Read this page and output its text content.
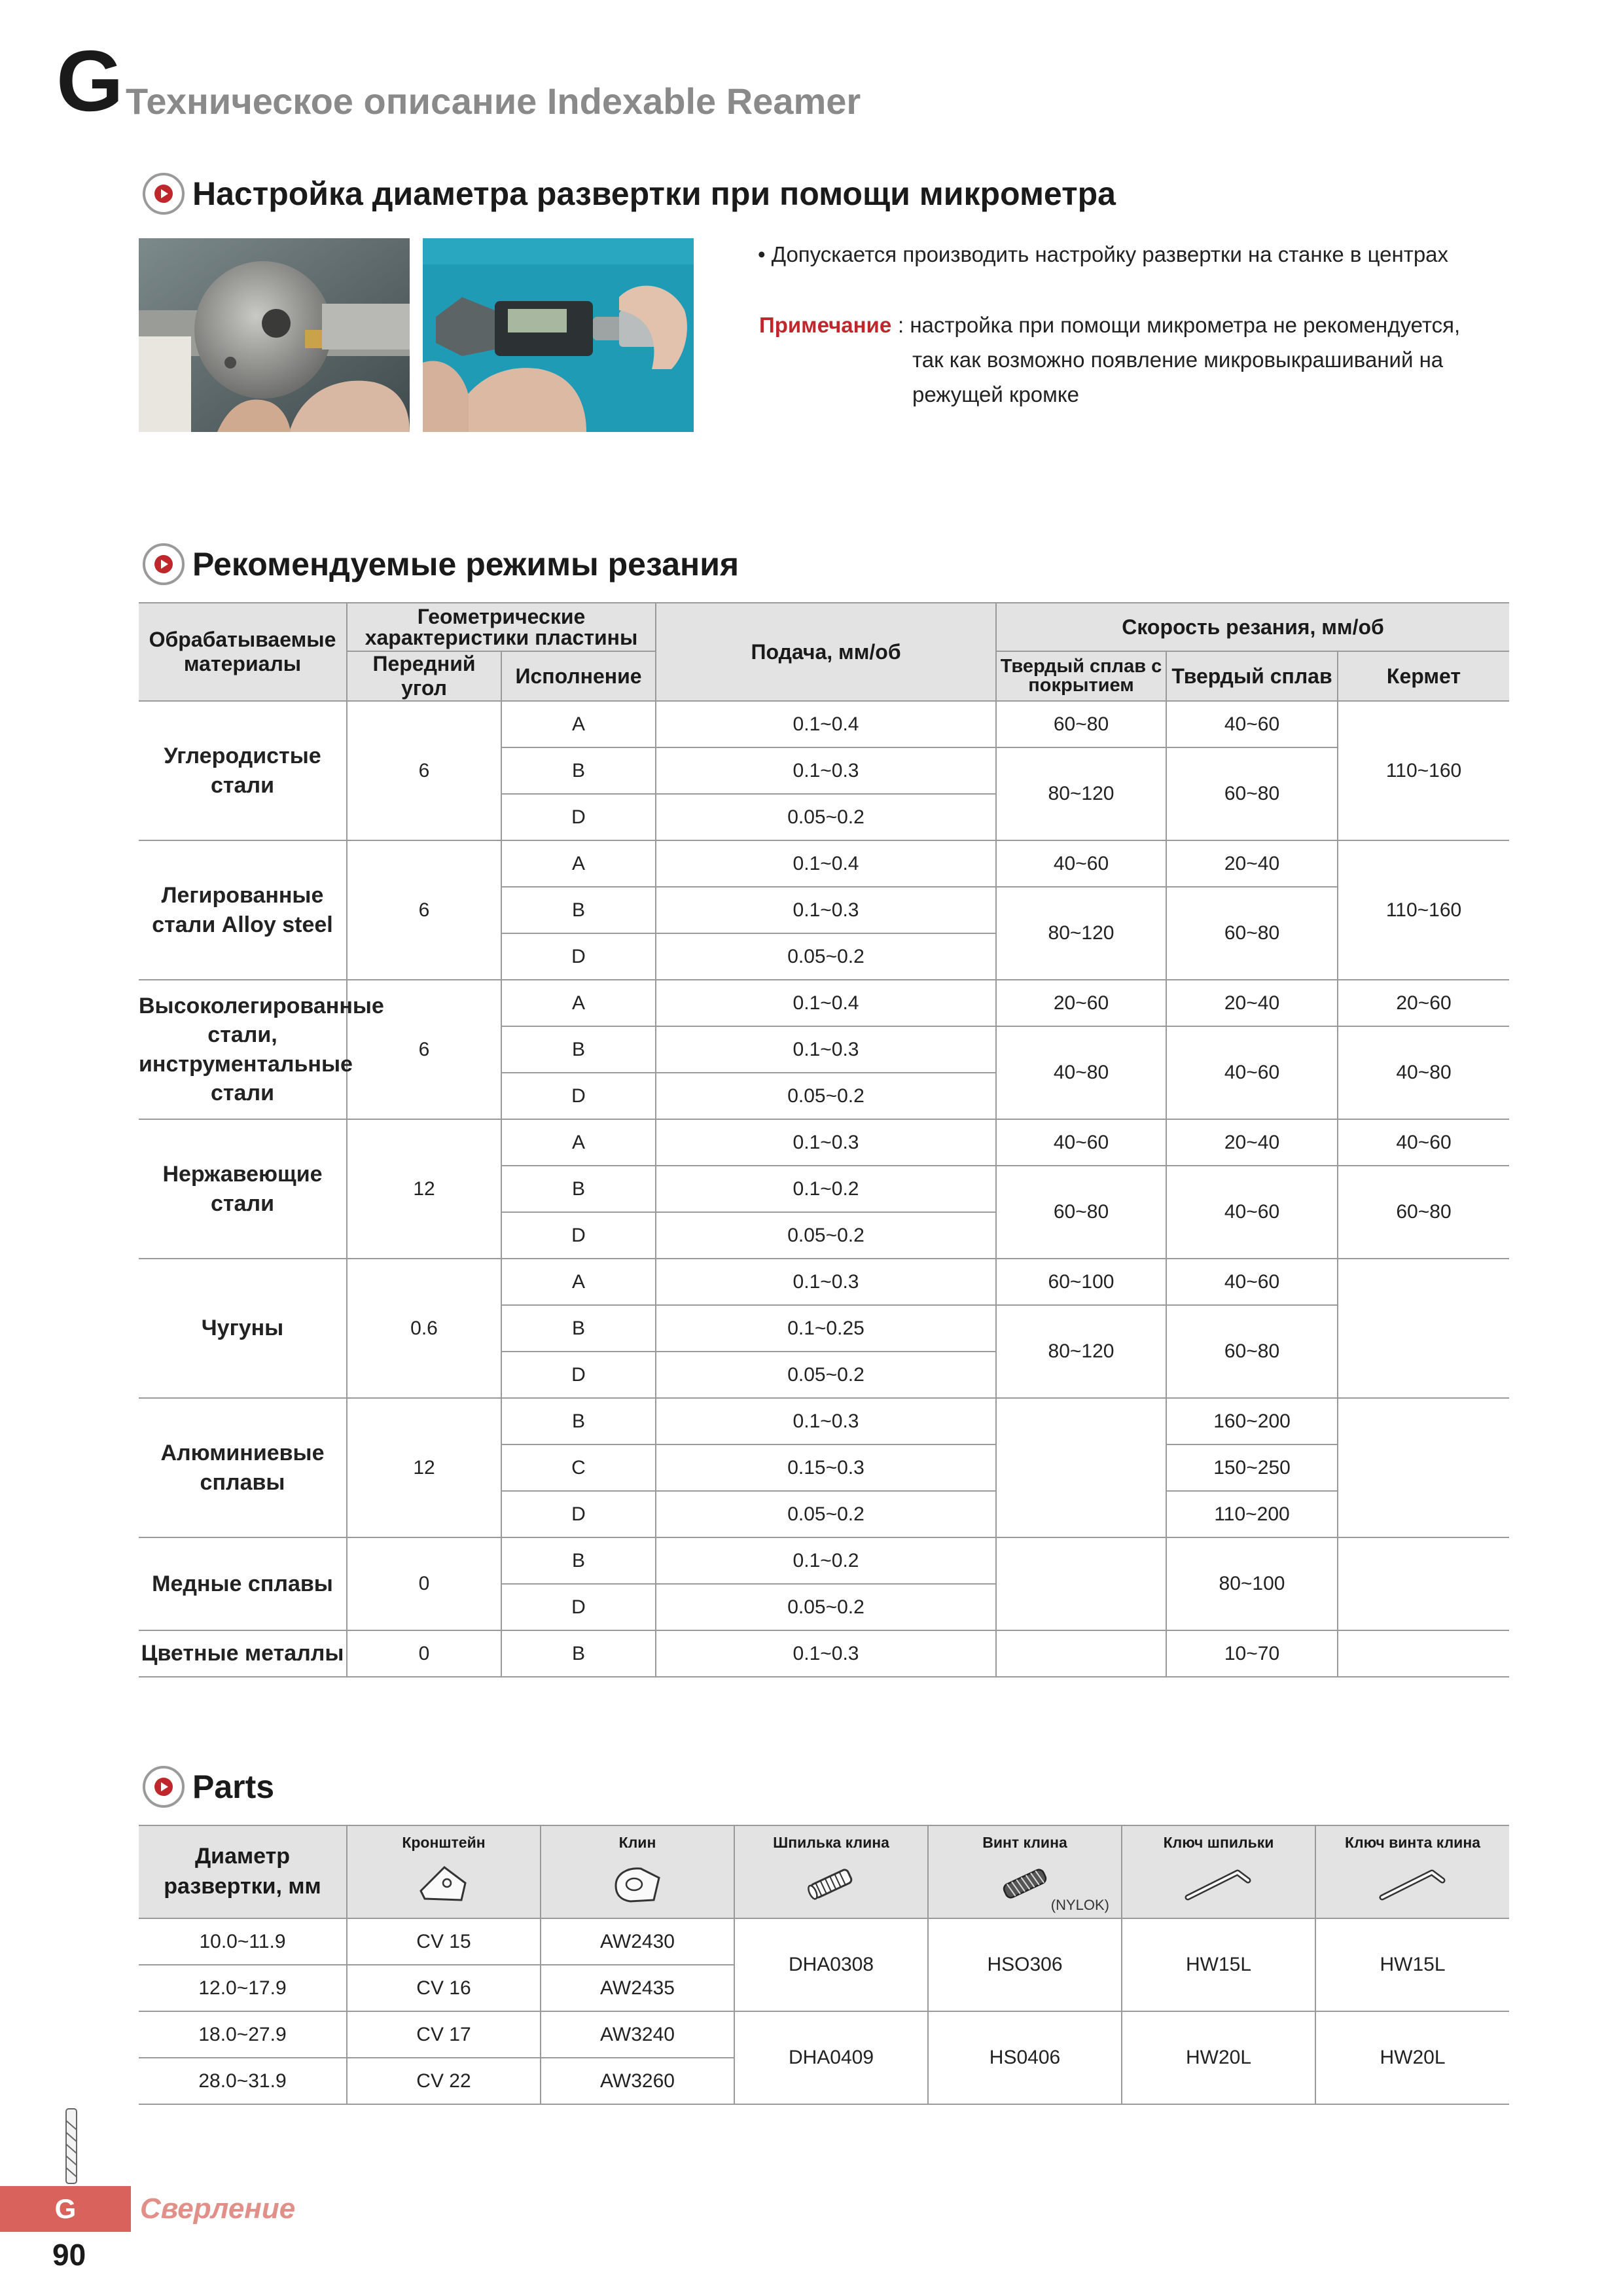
G Техническое описание Indexable Reamer
Настройка диаметра развертки при помощи микрометра
• Допускается производить настройку развертки на станке в центрах
Примечание : настройка при помощи микрометра не рекомендуется,
так как возможно появление микровыкрашиваний на
режущей кромке
Рекомендуемые режимы резания
Обрабатываемые материалы	Геометрические характеристики пластины		Подача, мм/об	Скорость резания, мм/об		
	Передний угол	Исполнение		Твердый сплав с покрытием	Твердый сплав	Кермет
Углеродистые стали	6	A	0.1~0.4	60~80	40~60	110~160
		B	0.1~0.3	80~120	60~80	
		D	0.05~0.2			
Легированные стали Alloy steel	6	A	0.1~0.4	40~60	20~40	110~160
		B	0.1~0.3	80~120	60~80	
		D	0.05~0.2			
Высоколегированные стали, инструментальные стали	6	A	0.1~0.4	20~60	20~40	20~60
		B	0.1~0.3	40~80	40~60	40~80
		D	0.05~0.2			
Нержавеющие стали	12	A	0.1~0.3	40~60	20~40	40~60
		B	0.1~0.2	60~80	40~60	60~80
		D	0.05~0.2			
Чугуны	0.6	A	0.1~0.3	60~100	40~60	
		B	0.1~0.25	80~120	60~80	
		D	0.05~0.2			
Алюминиевые сплавы	12	B	0.1~0.3		160~200	
		C	0.15~0.3		150~250	
		D	0.05~0.2		110~200	
Медные сплавы	0	B	0.1~0.2		80~100	
		D	0.05~0.2			
Цветные металлы	0	B	0.1~0.3		10~70	
Parts
Диаметр развертки, мм	Кронштейн	Клин	Шпилька клина	Винт клина
(NYLOK)	Ключ шпильки	Ключ винта клина

10.0~11.9	CV 15	AW2430	DHA0308	HSO306	HW15L	HW15L
12.0~17.9	CV 16	AW2435				
18.0~27.9	CV 17	AW3240	DHA0409	HS0406	HW20L	HW20L
28.0~31.9	CV 22	AW3260				
G	Сверление
90
